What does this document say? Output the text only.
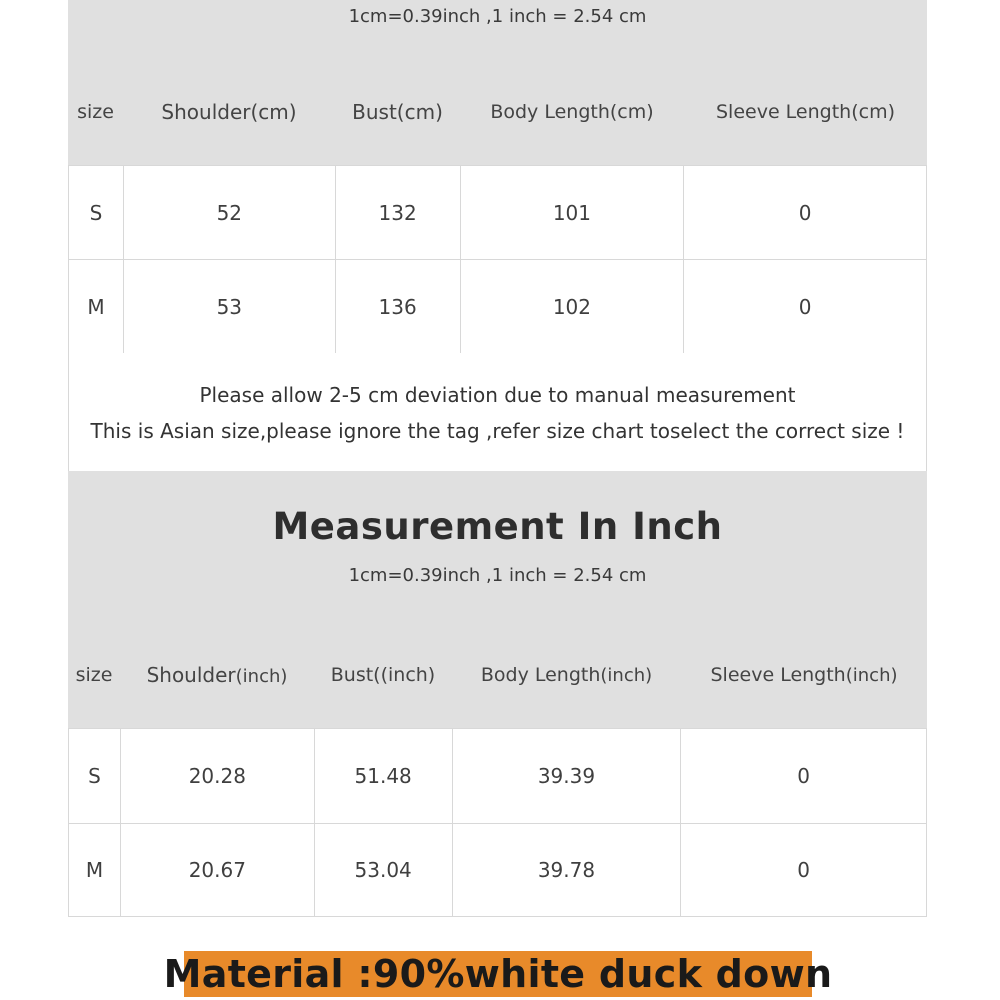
1cm=0.39inch ,1 inch = 2.54 cm
size	Shoulder(cm)	Bust(cm)	Body Length(cm)	Sleeve Length(cm)
S	52	132	101	0
M	53	136	102	0
Please allow 2-5 cm deviation due to manual measurement
This is Asian size,please ignore the tag ,refer size chart toselect the correct size !
Measurement In Inch
1cm=0.39inch ,1 inch = 2.54 cm
size	Shoulder(inch)	Bust((inch)	Body Length(inch)	Sleeve Length(inch)
S	20.28	51.48	39.39	0
M	20.67	53.04	39.78	0
Material :90%white duck down
